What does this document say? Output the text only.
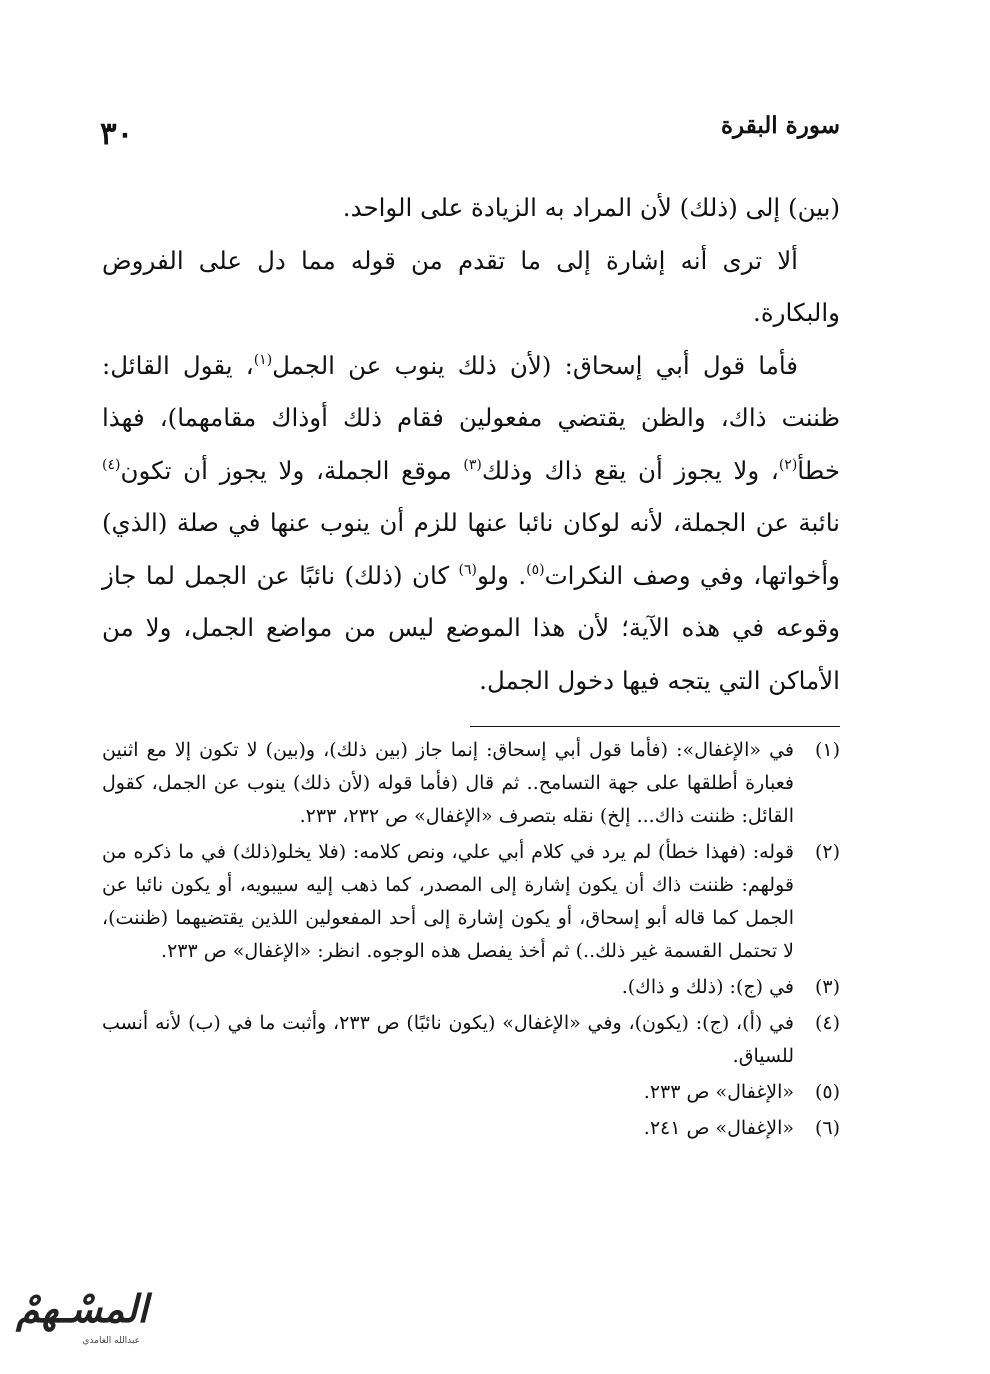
سورة البقرة
٣٠

(بين) إلى (ذلك) لأن المراد به الزيادة على الواحد.

ألا ترى أنه إشارة إلى ما تقدم من قوله مما دل على الفروض والبكارة.

فأما قول أبي إسحاق: (لأن ذلك ينوب عن الجمل$^{(١)}$، يقول القائل: ظننت ذاك، والظن يقتضي مفعولين فقام ذلك أوذاك مقامهما)، فهذا خطأ$^{(٢)}$، ولا يجوز أن يقع ذاك وذلك$^{(٣)}$ موقع الجملة، ولا يجوز أن تكون$^{(٤)}$ نائبة عن الجملة، لأنه لوكان نائبا عنها للزم أن ينوب عنها في صلة (الذي) وأخواتها، وفي وصف النكرات$^{(٥)}$. ولو$^{(٦)}$ كان (ذلك) نائبًا عن الجمل لما جاز وقوعه في هذه الآية؛ لأن هذا الموضع ليس من مواضع الجمل، ولا من الأماكن التي يتجه فيها دخول الجمل.

(١)
في «الإغفال»: (فأما قول أبي إسحاق: إنما جاز (بين ذلك)، و(بين) لا تكون إلا مع اثنين فعبارة أطلقها على جهة التسامح.. ثم قال (فأما قوله (لأن ذلك) ينوب عن الجمل، كقول القائل: ظننت ذاك... إلخ) نقله بتصرف «الإغفال» ص ٢٣٢، ٢٣٣.
(٢)
قوله: (فهذا خطأ) لم يرد في كلام أبي علي، ونص كلامه: (فلا يخلو(ذلك) في ما ذكره من قولهم: ظننت ذاك أن يكون إشارة إلى المصدر، كما ذهب إليه سيبويه، أو يكون نائبا عن الجمل كما قاله أبو إسحاق، أو يكون إشارة إلى أحد المفعولين اللذين يقتضيهما (ظننت)، لا تحتمل القسمة غير ذلك..) ثم أخذ يفصل هذه الوجوه. انظر: «الإغفال» ص ٢٣٣.
(٣)
في (ج): (ذلك و ذاك).
(٤)
في (أ)، (ج): (يكون)، وفي «الإغفال» (يكون نائبًا) ص ٢٣٣، وأثبت ما في (ب) لأنه أنسب للسياق.
(٥)
«الإغفال» ص ٢٣٣.
(٦)
«الإغفال» ص ٢٤١.
المسْـهمْ
عبدالله الغامدي
